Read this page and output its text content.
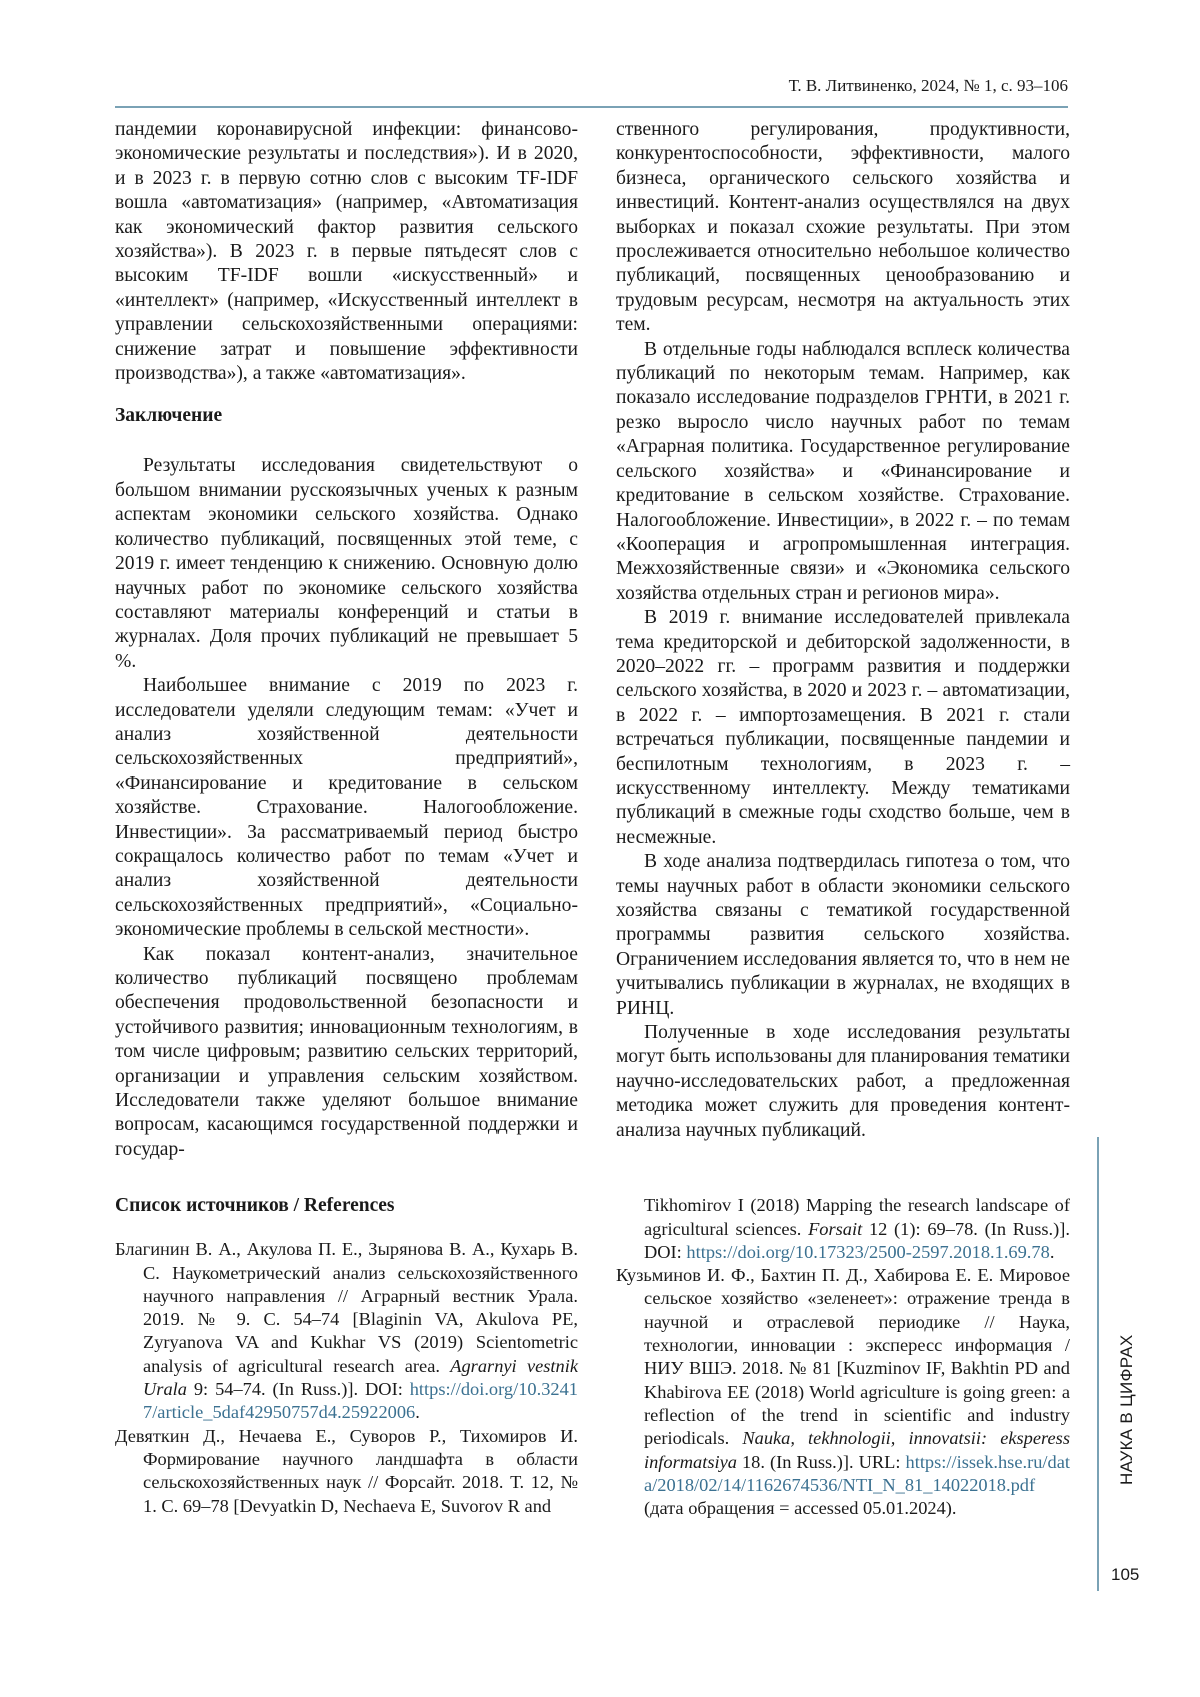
Т. В. Литвиненко, 2024, № 1, с. 93–106

пандемии коронавирусной инфекции: финансово-экономические результаты и последствия»). И в 2020, и в 2023 г. в первую сотню слов с высоким TF-IDF вошла «автоматизация» (например, «Автоматизация как экономический фактор развития сельского хозяйства»). В 2023 г. в первые пятьдесят слов с высоким TF-IDF вошли «искусственный» и «интеллект» (например, «Искусственный интеллект в управлении сельскохозяйственными операциями: снижение затрат и повышение эффективности производства»), а также «автоматизация».

Заключение

Результаты исследования свидетельствуют о большом внимании русскоязычных ученых к разным аспектам экономики сельского хозяйства. Однако количество публикаций, посвященных этой теме, с 2019 г. имеет тенденцию к снижению. Основную долю научных работ по экономике сельского хозяйства составляют материалы конференций и статьи в журналах. Доля прочих публикаций не превышает 5 %.

Наибольшее внимание с 2019 по 2023 г. исследователи уделяли следующим темам: «Учет и анализ хозяйственной деятельности сельскохозяйственных предприятий», «Финансирование и кредитование в сельском хозяйстве. Страхование. Налогообложение. Инвестиции». За рассматриваемый период быстро сокращалось количество работ по темам «Учет и анализ хозяйственной деятельности сельскохозяйственных предприятий», «Социально-экономические проблемы в сельской местности».

Как показал контент-анализ, значительное количество публикаций посвящено проблемам обеспечения продовольственной безопасности и устойчивого развития; инновационным технологиям, в том числе цифровым; развитию сельских территорий, организации и управления сельским хозяйством. Исследователи также уделяют большое внимание вопросам, касающимся государственной поддержки и государ-

ственного регулирования, продуктивности, конкурентоспособности, эффективности, малого бизнеса, органического сельского хозяйства и инвестиций. Контент-анализ осуществлялся на двух выборках и показал схожие результаты. При этом прослеживается относительно небольшое количество публикаций, посвященных ценообразованию и трудовым ресурсам, несмотря на актуальность этих тем.

В отдельные годы наблюдался всплеск количества публикаций по некоторым темам. Например, как показало исследование подразделов ГРНТИ, в 2021 г. резко выросло число научных работ по темам «Аграрная политика. Государственное регулирование сельского хозяйства» и «Финансирование и кредитование в сельском хозяйстве. Страхование. Налогообложение. Инвестиции», в 2022 г. – по темам «Кооперация и агропромышленная интеграция. Межхозяйственные связи» и «Экономика сельского хозяйства отдельных стран и регионов мира».

В 2019 г. внимание исследователей привлекала тема кредиторской и дебиторской задолженности, в 2020–2022 гг. – программ развития и поддержки сельского хозяйства, в 2020 и 2023 г. – автоматизации, в 2022 г. – импортозамещения. В 2021 г. стали встречаться публикации, посвященные пандемии и беспилотным технологиям, в 2023 г. – искусственному интеллекту. Между тематиками публикаций в смежные годы сходство больше, чем в несмежные.

В ходе анализа подтвердилась гипотеза о том, что темы научных работ в области экономики сельского хозяйства связаны с тематикой государственной программы развития сельского хозяйства. Ограничением исследования является то, что в нем не учитывались публикации в журналах, не входящих в РИНЦ.

Полученные в ходе исследования результаты могут быть использованы для планирования тематики научно-исследовательских работ, а предложенная методика может служить для проведения контент-анализа научных публикаций.

Список источников / References

Благинин В. А., Акулова П. Е., Зырянова В. А., Кухарь В. С. Наукометрический анализ сельскохозяйственного научного направления // Аграрный вестник Урала. 2019. № 9. С. 54–74 [Blaginin VA, Akulova PE, Zyryanova VA and Kukhar VS (2019) Scientometric analysis of agricultural research area. Agrarnyi vestnik Urala 9: 54–74. (In Russ.)]. DOI: https://doi.org/10.32417/article_5daf42950757d4.25922006.

Девяткин Д., Нечаева Е., Суворов Р., Тихомиров И. Формирование научного ландшафта в области сельскохозяйственных наук // Форсайт. 2018. Т. 12, № 1. С. 69–78 [Devyatkin D, Nechaeva E, Suvorov R and

Tikhomirov I (2018) Mapping the research landscape of agricultural sciences. Forsait 12 (1): 69–78. (In Russ.)]. DOI: https://doi.org/10.17323/2500-2597.2018.1.69.78.

Кузьминов И. Ф., Бахтин П. Д., Хабирова Е. Е. Мировое сельское хозяйство «зеленеет»: отражение тренда в научной и отраслевой периодике // Наука, технологии, инновации : экспересс информация / НИУ ВШЭ. 2018. № 81 [Kuzminov IF, Bakhtin PD and Khabirova EE (2018) World agriculture is going green: a reflection of the trend in scientific and industry periodicals. Nauka, tekhnologii, innovatsii: eksperess informatsiya 18. (In Russ.)]. URL: https://issek.hse.ru/data/2018/02/14/1162674536/NTI_N_81_14022018.pdf (дата обращения = accessed 05.01.2024).

НАУКА В ЦИФРАХ
105
